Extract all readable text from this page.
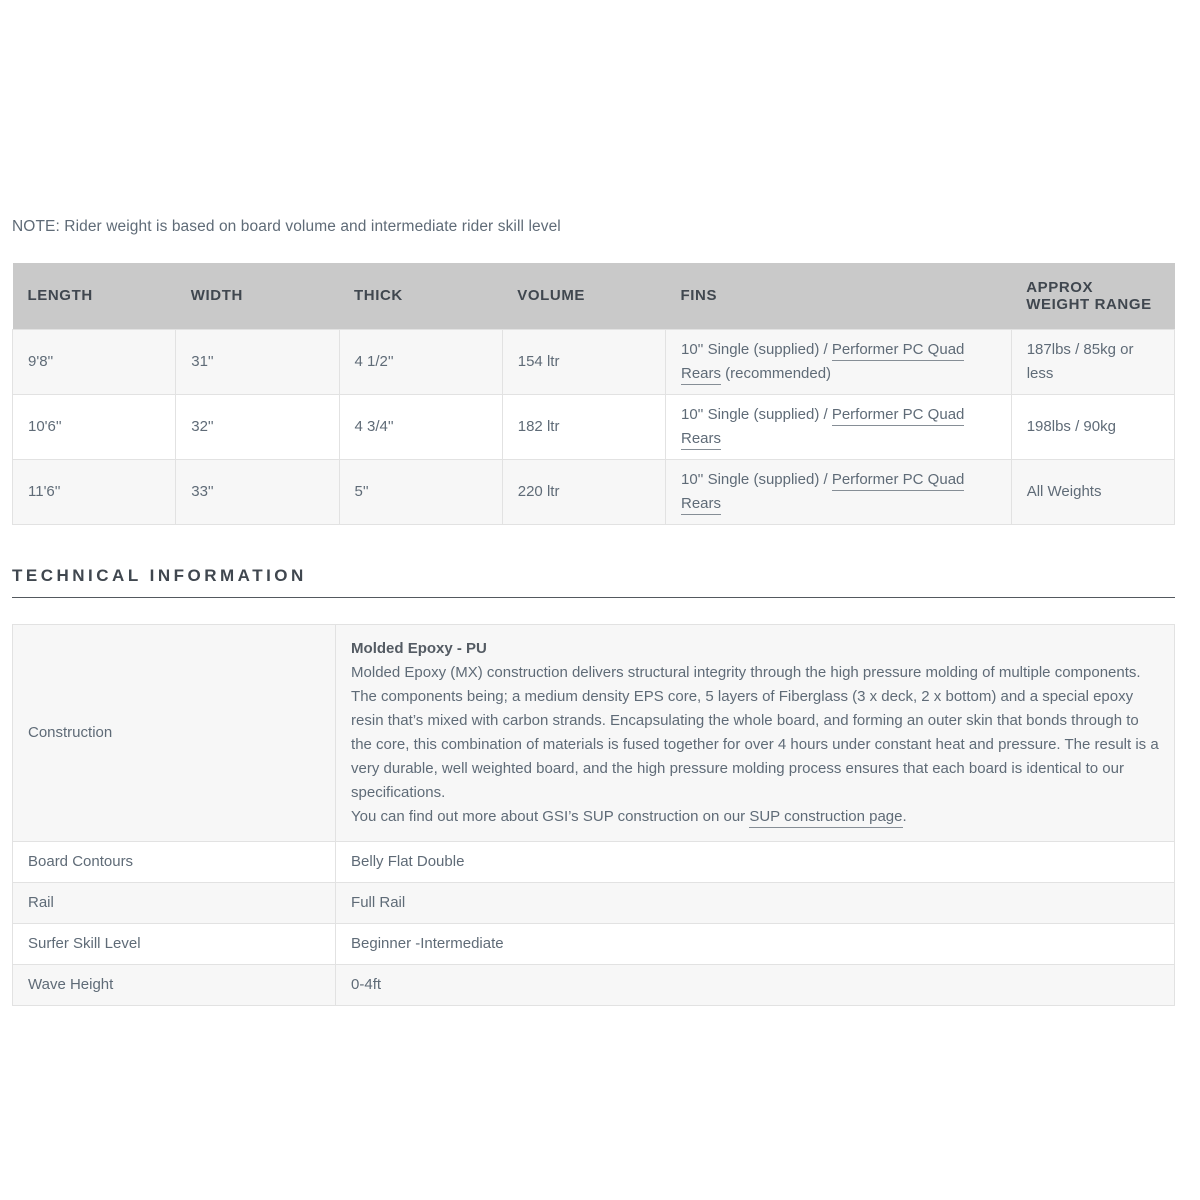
NOTE: Rider weight is based on board volume and intermediate rider skill level

LENGTH	WIDTH	THICK	VOLUME	FINS	APPROX WEIGHT RANGE
9'8''	31''	4 1/2''	154 ltr	10'' Single (supplied) / Performer PC Quad Rears (recommended)	187lbs / 85kg or less
10'6''	32''	4 3/4''	182 ltr	10'' Single (supplied) / Performer PC Quad Rears	198lbs / 90kg
11'6''	33''	5''	220 ltr	10'' Single (supplied) / Performer PC Quad Rears	All Weights
TECHNICAL INFORMATION
Construction	Molded Epoxy - PU
Molded Epoxy (MX) construction delivers structural integrity through the high pressure molding of multiple components. The components being; a medium density EPS core, 5 layers of Fiberglass (3 x deck, 2 x bottom) and a special epoxy resin that’s mixed with carbon strands. Encapsulating the whole board, and forming an outer skin that bonds through to the core, this combination of materials is fused together for over 4 hours under constant heat and pressure. The result is a very durable, well weighted board, and the high pressure molding process ensures that each board is identical to our specifications.
You can find out more about GSI’s SUP construction on our SUP construction page.

Board Contours	Belly Flat Double
Rail	Full Rail
Surfer Skill Level	Beginner -Intermediate
Wave Height	0-4ft
